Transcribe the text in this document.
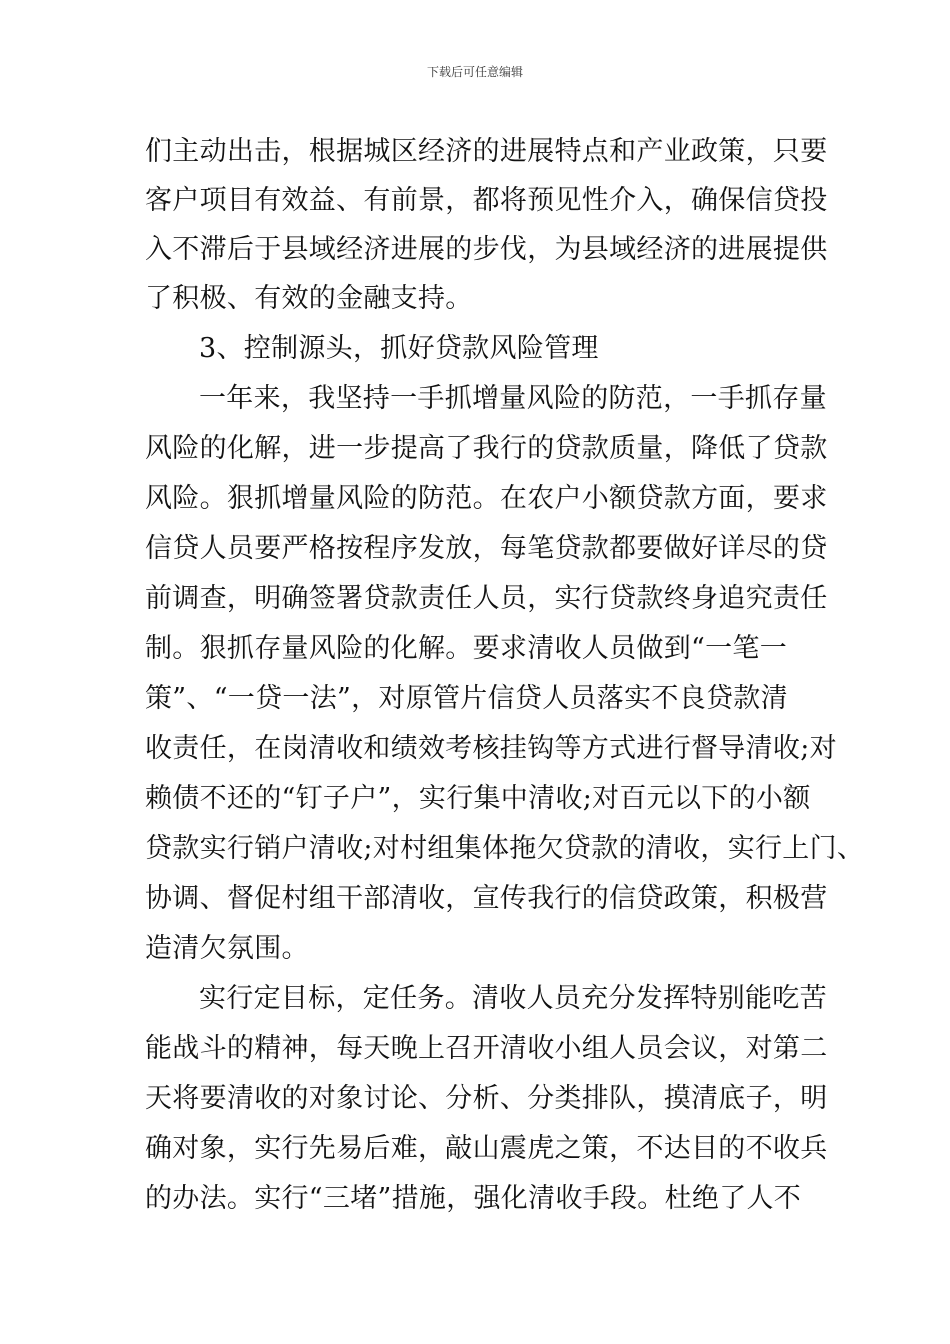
下载后可任意编辑
们主动出击，根据城区经济的进展特点和产业政策，只要
客户项目有效益、有前景，都将预见性介入，确保信贷投
入不滞后于县域经济进展的步伐，为县域经济的进展提供
了积极、有效的金融支持。
3、控制源头，抓好贷款风险管理
一年来，我坚持一手抓增量风险的防范，一手抓存量
风险的化解，进一步提高了我行的贷款质量，降低了贷款
风险。狠抓增量风险的防范。在农户小额贷款方面，要求
信贷人员要严格按程序发放，每笔贷款都要做好详尽的贷
前调查，明确签署贷款责任人员，实行贷款终身追究责任
制。狠抓存量风险的化解。要求清收人员做到“一笔一
策”、“一贷一法”，对原管片信贷人员落实不良贷款清
收责任，在岗清收和绩效考核挂钩等方式进行督导清收;对
赖债不还的“钉子户”，实行集中清收;对百元以下的小额
贷款实行销户清收;对村组集体拖欠贷款的清收，实行上门、
协调、督促村组干部清收，宣传我行的信贷政策，积极营
造清欠氛围。
实行定目标，定任务。清收人员充分发挥特别能吃苦
能战斗的精神，每天晚上召开清收小组人员会议，对第二
天将要清收的对象讨论、分析、分类排队，摸清底子，明
确对象，实行先易后难，敲山震虎之策，不达目的不收兵
的办法。实行“三堵”措施，强化清收手段。杜绝了人不
